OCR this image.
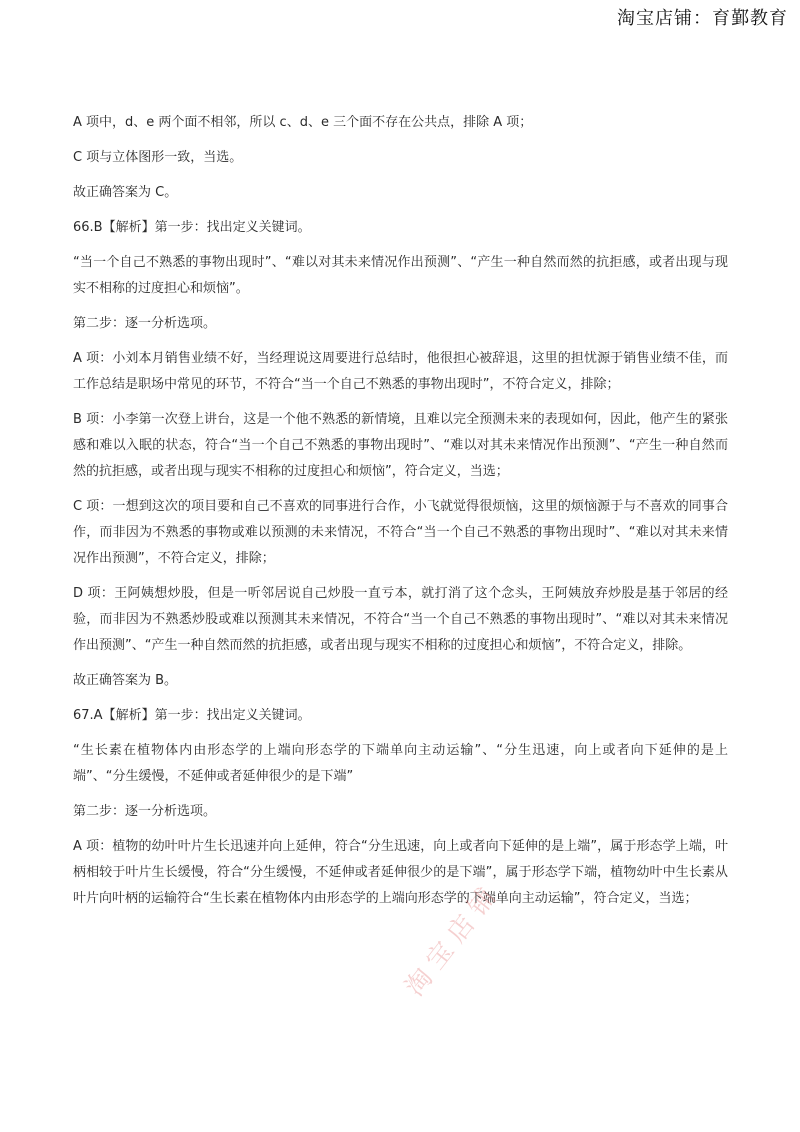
淘宝店铺：育鄞教育

A 项中，d、e 两个面不相邻，所以 c、d、e 三个面不存在公共点，排除 A 项；

C 项与立体图形一致，当选。

故正确答案为 C。

66.B【解析】第一步：找出定义关键词。

“当一个自己不熟悉的事物出现时”、“难以对其未来情况作出预测”、“产生一种自然而然的抗拒感，或者出现与现实不相称的过度担心和烦恼”。

第二步：逐一分析选项。

A 项：小刘本月销售业绩不好，当经理说这周要进行总结时，他很担心被辞退，这里的担忧源于销售业绩不佳，而工作总结是职场中常见的环节，不符合“当一个自己不熟悉的事物出现时”，不符合定义，排除；

B 项：小李第一次登上讲台，这是一个他不熟悉的新情境，且难以完全预测未来的表现如何，因此，他产生的紧张感和难以入眠的状态，符合“当一个自己不熟悉的事物出现时”、“难以对其未来情况作出预测”、“产生一种自然而然的抗拒感，或者出现与现实不相称的过度担心和烦恼”，符合定义，当选；

C 项：一想到这次的项目要和自己不喜欢的同事进行合作，小飞就觉得很烦恼，这里的烦恼源于与不喜欢的同事合作，而非因为不熟悉的事物或难以预测的未来情况，不符合“当一个自己不熟悉的事物出现时”、“难以对其未来情况作出预测”，不符合定义，排除；

D 项：王阿姨想炒股，但是一听邻居说自己炒股一直亏本，就打消了这个念头，王阿姨放弃炒股是基于邻居的经验，而非因为不熟悉炒股或难以预测其未来情况，不符合“当一个自己不熟悉的事物出现时”、“难以对其未来情况作出预测”、“产生一种自然而然的抗拒感，或者出现与现实不相称的过度担心和烦恼”，不符合定义，排除。

故正确答案为 B。

67.A【解析】第一步：找出定义关键词。

“生长素在植物体内由形态学的上端向形态学的下端单向主动运输”、“分生迅速，向上或者向下延伸的是上端”、“分生缓慢，不延伸或者延伸很少的是下端”

第二步：逐一分析选项。

A 项：植物的幼叶叶片生长迅速并向上延伸，符合“分生迅速，向上或者向下延伸的是上端”，属于形态学上端，叶柄相较于叶片生长缓慢，符合“分生缓慢，不延伸或者延伸很少的是下端”，属于形态学下端，植物幼叶中生长素从叶片向叶柄的运输符合“生长素在植物体内由形态学的上端向形态学的下端单向主动运输”，符合定义，当选；

淘宝店铺
